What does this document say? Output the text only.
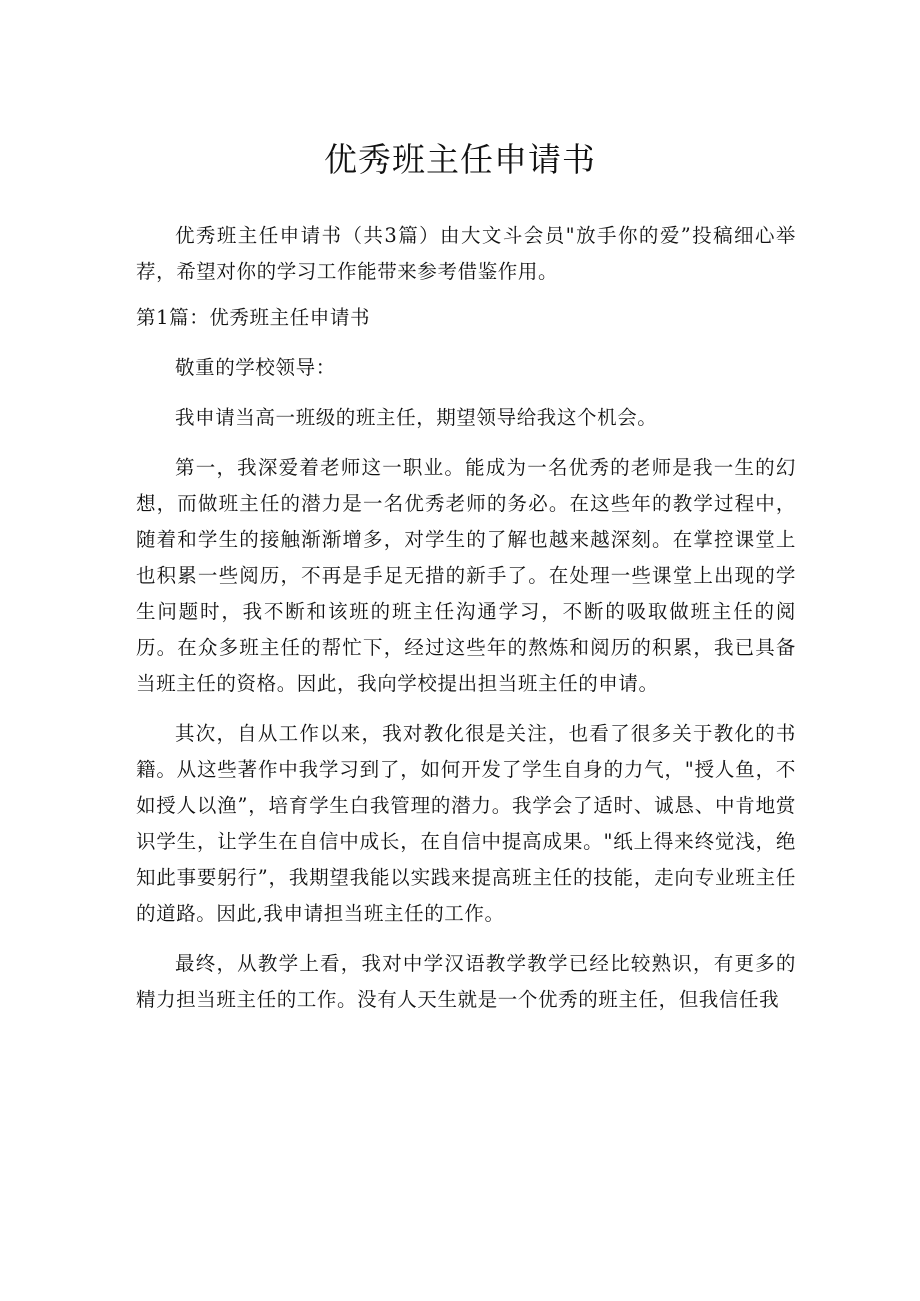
优秀班主任申请书

优秀班主任申请书（共3篇）由大文斗会员"放手你的爱”投稿细心举荐，希望对你的学习工作能带来参考借鉴作用。

第1篇：优秀班主任申请书

敬重的学校领导：

我申请当高一班级的班主任，期望领导给我这个机会。

第一，我深爱着老师这一职业。能成为一名优秀的老师是我一生的幻想，而做班主任的潜力是一名优秀老师的务必。在这些年的教学过程中，随着和学生的接触渐渐增多，对学生的了解也越来越深刻。在掌控课堂上也积累一些阅历，不再是手足无措的新手了。在处理一些课堂上出现的学生问题时，我不断和该班的班主任沟通学习，不断的吸取做班主任的阅历。在众多班主任的帮忙下，经过这些年的熬炼和阅历的积累，我已具备当班主任的资格。因此，我向学校提出担当班主任的申请。

其次，自从工作以来，我对教化很是关注，也看了很多关于教化的书籍。从这些著作中我学习到了，如何开发了学生自身的力气，"授人鱼，不如授人以渔”，培育学生白我管理的潜力。我学会了适时、诚恳、中肯地赏识学生，让学生在自信中成长，在自信中提高成果。"纸上得来终觉浅，绝知此事要躬行”，我期望我能以实践来提高班主任的技能，走向专业班主任的道路。因此,我申请担当班主任的工作。

最终，从教学上看，我对中学汉语教学教学已经比较熟识，有更多的精力担当班主任的工作。没有人天生就是一个优秀的班主任，但我信任我
